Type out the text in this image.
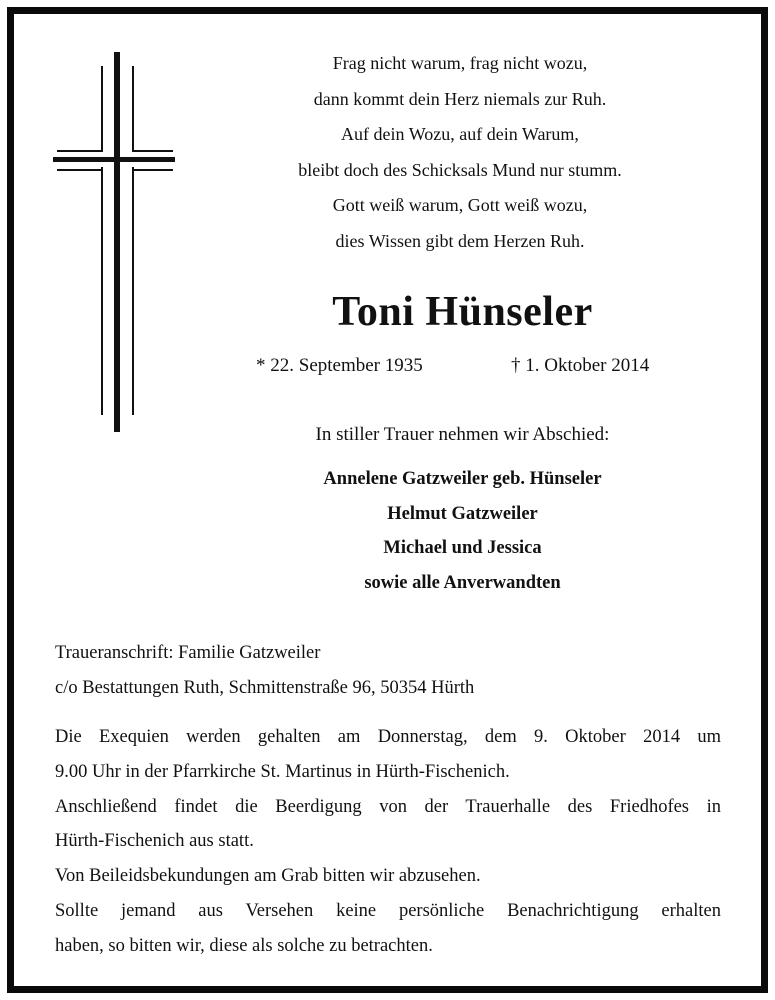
Frag nicht warum, frag nicht wozu,
dann kommt dein Herz niemals zur Ruh.
Auf dein Wozu, auf dein Warum,
bleibt doch des Schicksals Mund nur stumm.
Gott weiß warum, Gott weiß wozu,
dies Wissen gibt dem Herzen Ruh.
Toni Hünseler
* 22. September 1935	† 1. Oktober 2014
In stiller Trauer nehmen wir Abschied:
Annelene Gatzweiler geb. Hünseler
Helmut Gatzweiler
Michael und Jessica
sowie alle Anverwandten
Traueranschrift: Familie Gatzweiler
c/o Bestattungen Ruth, Schmittenstraße 96, 50354 Hürth

Die Exequien werden gehalten am Donnerstag, dem 9. Oktober 2014 um

9.00 Uhr in der Pfarrkirche St. Martinus in Hürth-Fischenich.

Anschließend findet die Beerdigung von der Trauerhalle des Friedhofes in

Hürth-Fischenich aus statt.

Von Beileidsbekundungen am Grab bitten wir abzusehen.

Sollte jemand aus Versehen keine persönliche Benachrichtigung erhalten

haben, so bitten wir, diese als solche zu betrachten.
